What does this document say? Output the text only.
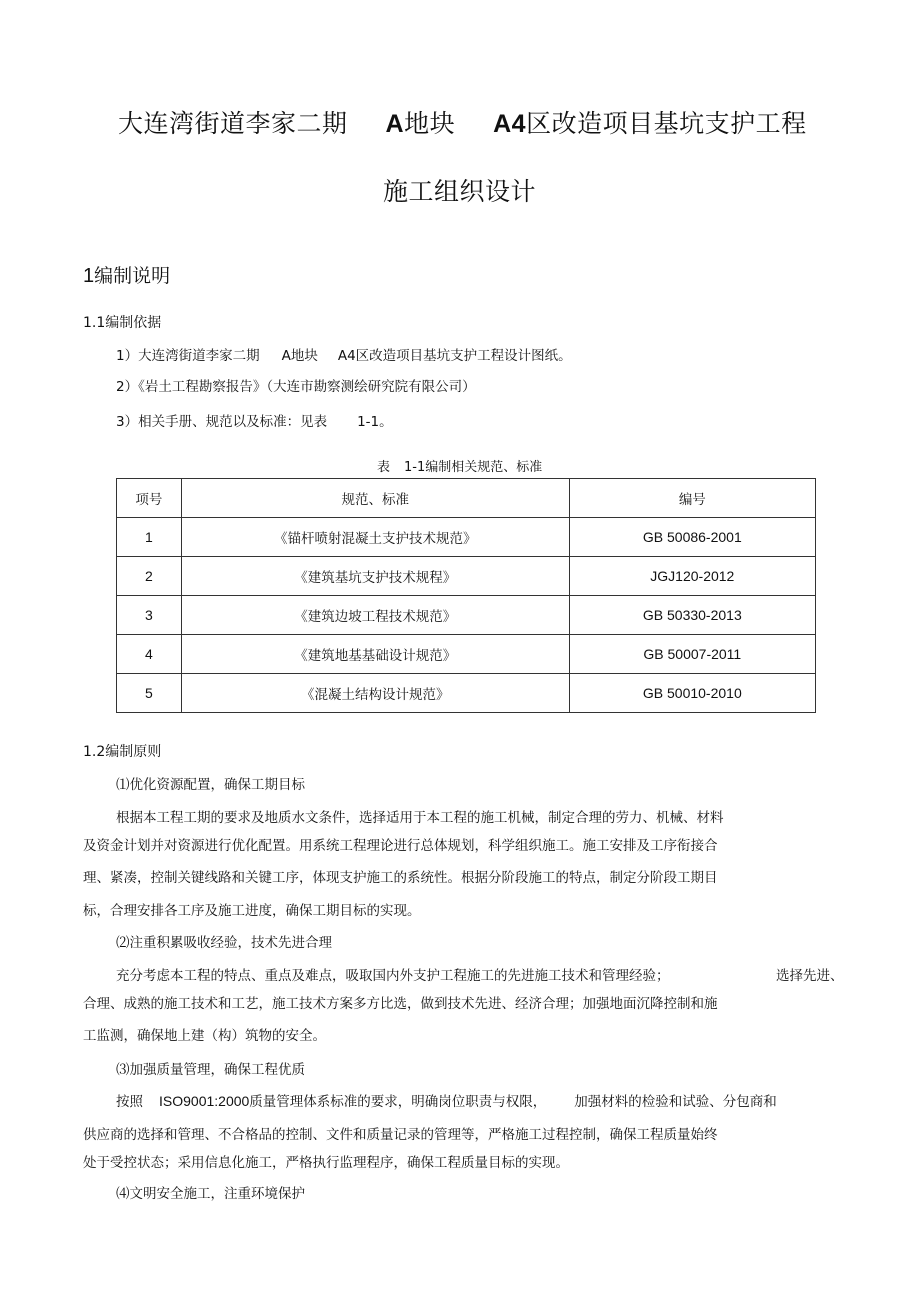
大连湾街道李家二期 A地块 A4区改造项目基坑支护工程
施工组织设计
1编制说明
1.1编制依据
1）大连湾街道李家二期 A地块 A4区改造项目基坑支护工程设计图纸。
2）《岩土工程勘察报告》（大连市勘察测绘研究院有限公司）
3）相关手册、规范以及标准：见表 1-1。
表 1-1编制相关规范、标准
项号	规范、标准	编号
1	《锚杆喷射混凝土支护技术规范》	GB 50086-2001
2	《建筑基坑支护技术规程》	JGJ120-2012
3	《建筑边坡工程技术规范》	GB 50330-2013
4	《建筑地基基础设计规范》	GB 50007-2011
5	《混凝土结构设计规范》	GB 50010-2010
1.2编制原则
⑴优化资源配置，确保工期目标
根据本工程工期的要求及地质水文条件，选择适用于本工程的施工机械，制定合理的劳力、机械、材料
及资金计划并对资源进行优化配置。用系统工程理论进行总体规划，科学组织施工。施工安排及工序衔接合
理、紧凑，控制关键线路和关键工序，体现支护施工的系统性。根据分阶段施工的特点，制定分阶段工期目
标，合理安排各工序及施工进度，确保工期目标的实现。
⑵注重积累吸收经验，技术先进合理
充分考虑本工程的特点、重点及难点，吸取国内外支护工程施工的先进施工技术和管理经验；	选择先进、
合理、成熟的施工技术和工艺，施工技术方案多方比选，做到技术先进、经济合理；加强地面沉降控制和施
工监测，确保地上建（构）筑物的安全。
⑶加强质量管理，确保工程优质
按照 ISO9001:2000质量管理体系标准的要求，明确岗位职责与权限， 加强材料的检验和试验、分包商和
供应商的选择和管理、不合格品的控制、文件和质量记录的管理等，严格施工过程控制，确保工程质量始终
处于受控状态；采用信息化施工，严格执行监理程序，确保工程质量目标的实现。
⑷文明安全施工，注重环境保护
